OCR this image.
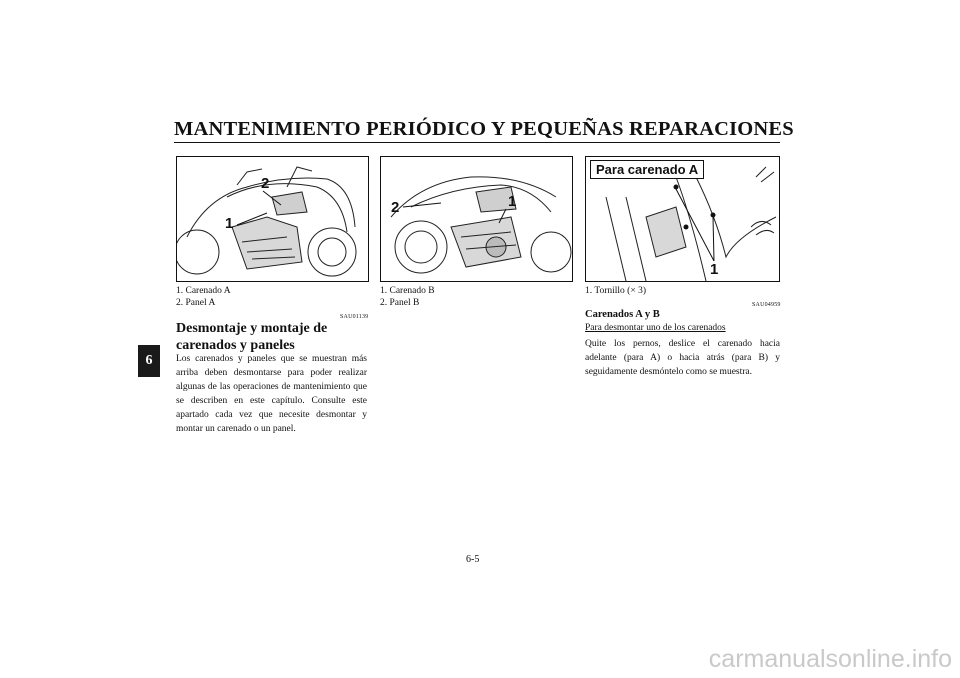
MANTENIMIENTO PERIÓDICO Y PEQUEÑAS REPARACIONES
6
2
1
2	1
Para carenado A
1
1. Carenado A
2. Panel A
1. Carenado B
2. Panel B
1. Tornillo (× 3)
SAU01139
Desmontaje y montaje de carenados y paneles
Los carenados y paneles que se muestran más arriba deben desmontarse para poder realizar algunas de las operaciones de mantenimiento que se describen en este capítulo. Consulte este apartado cada vez que necesite desmontar y montar un carenado o un panel.
SAU04959
Carenados A y B
Para desmontar uno de los carenados
Quite los pernos, deslice el carenado hacia adelante (para A) o hacia atrás (para B) y seguidamente desmóntelo como se muestra.
6-5
carmanualsonline.info
